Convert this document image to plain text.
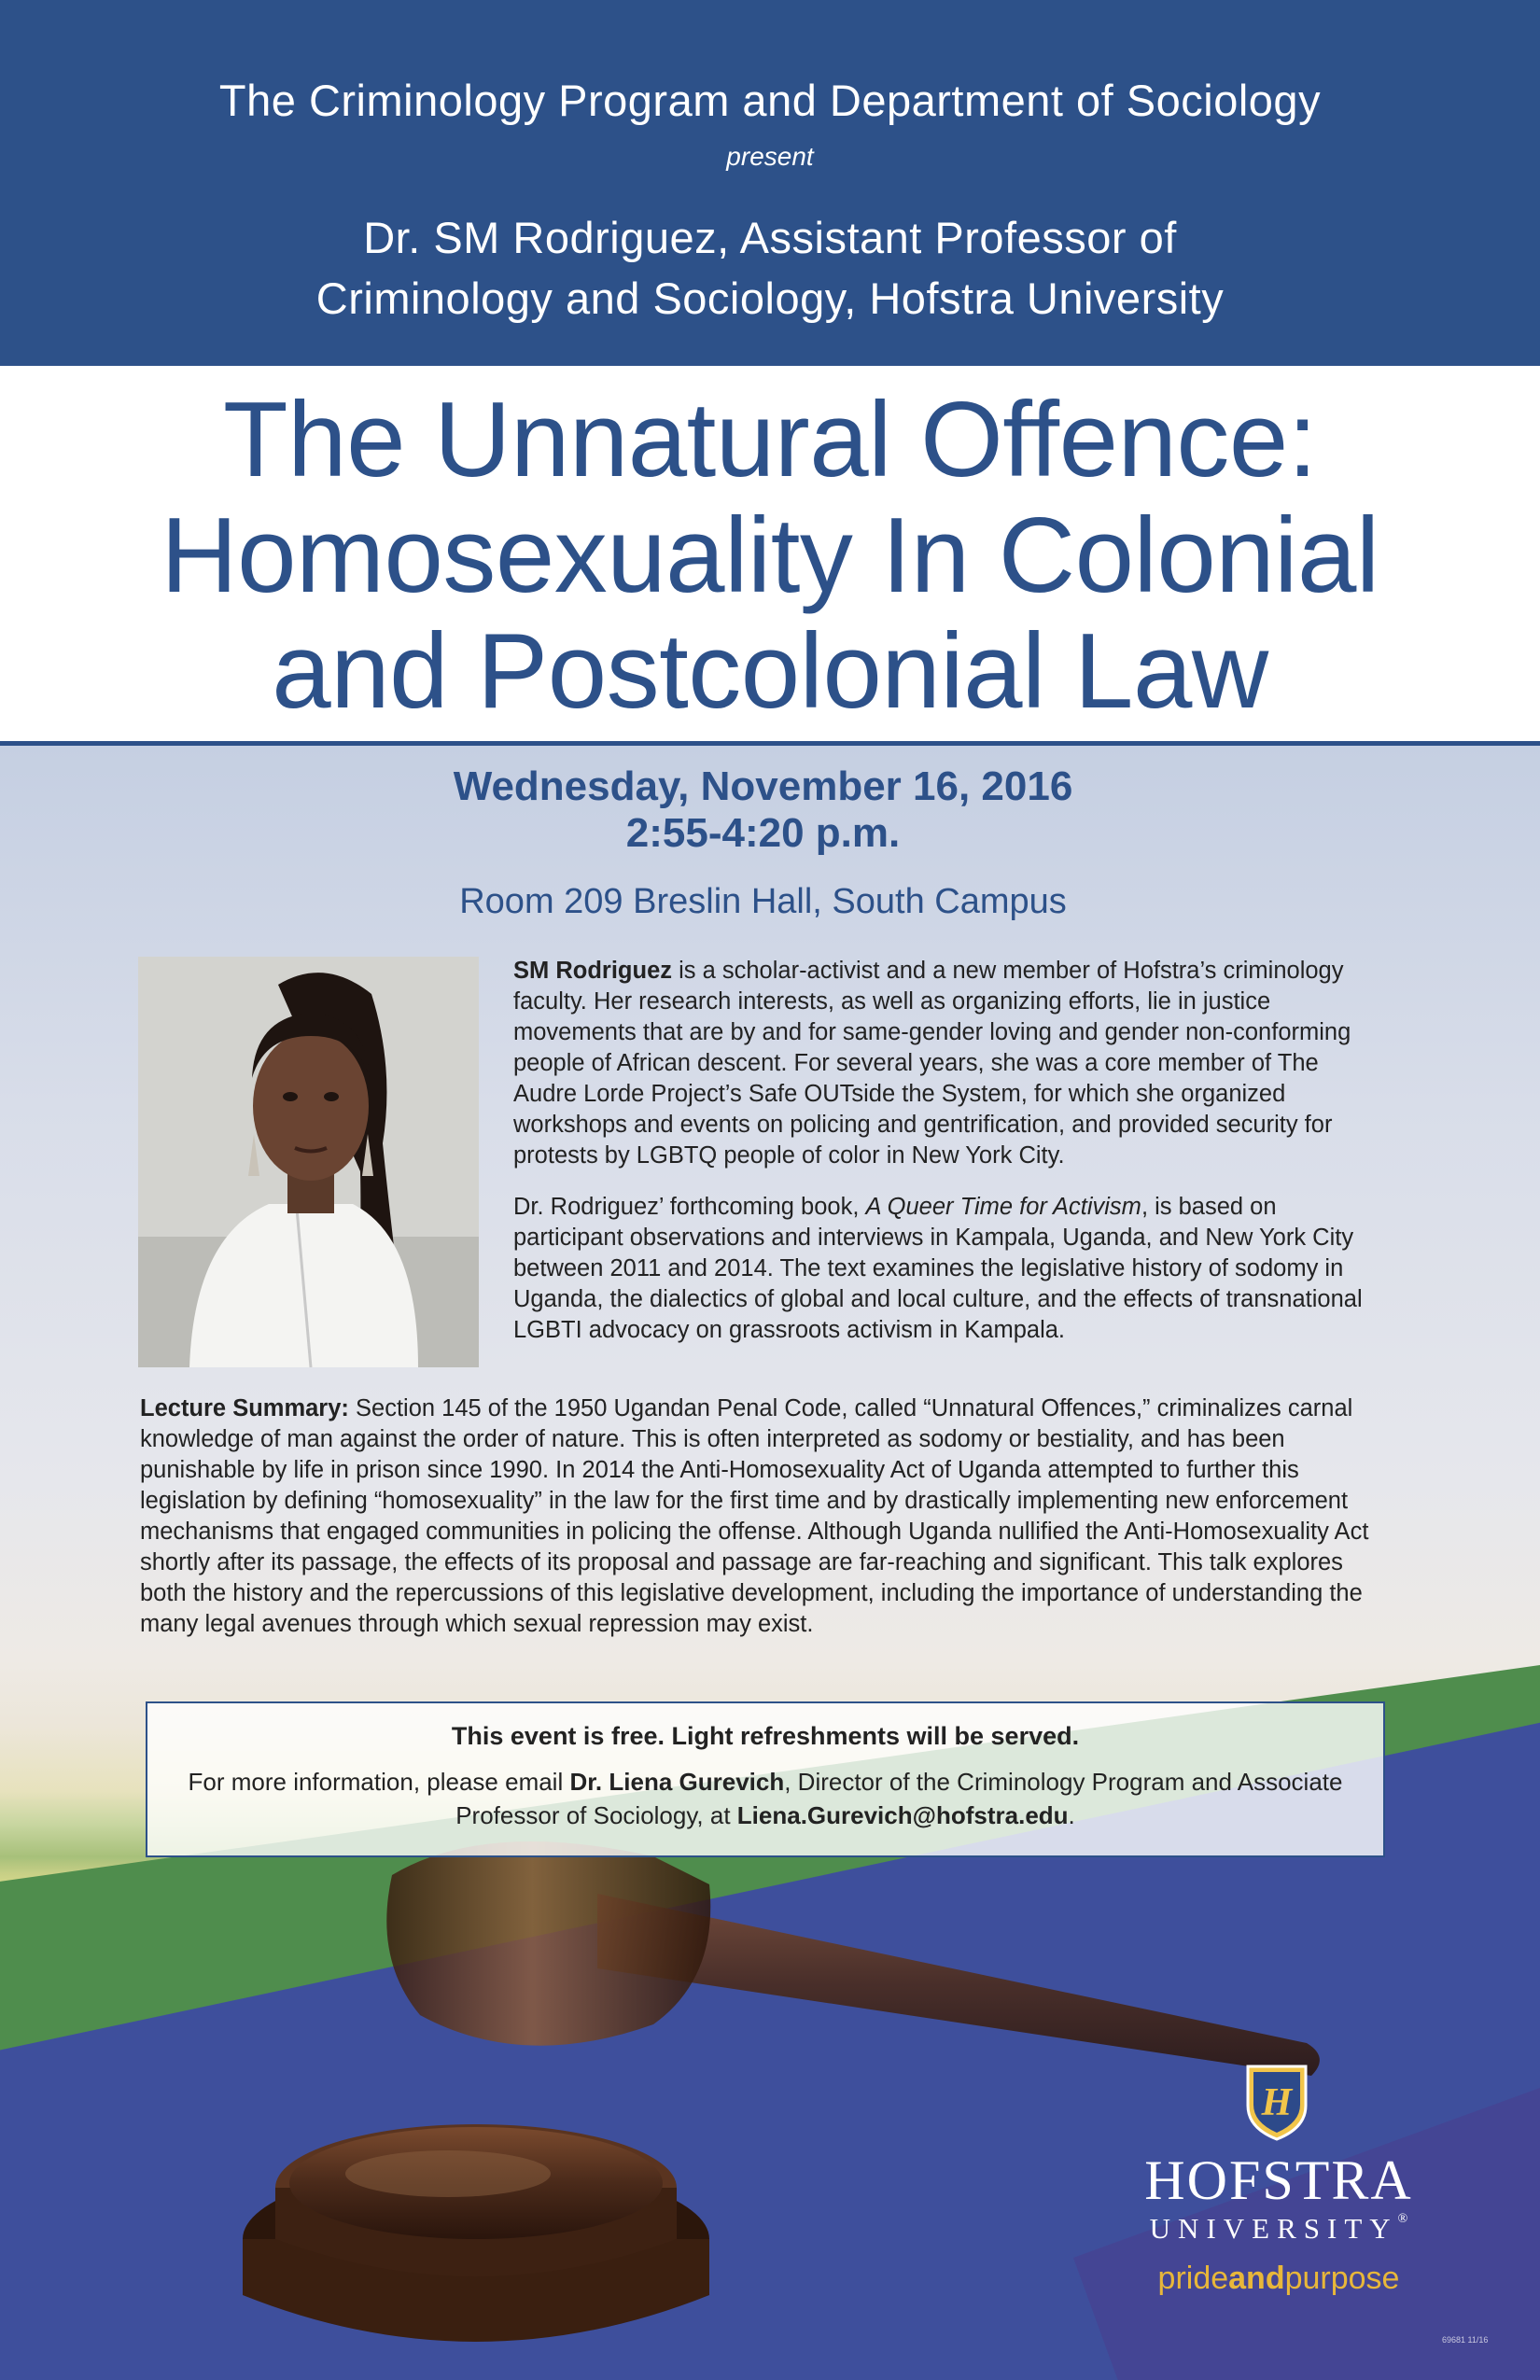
The Criminology Program and Department of Sociology
present
Dr. SM Rodriguez, Assistant Professor of
Criminology and Sociology, Hofstra University
The Unnatural Offence:
Homosexuality In Colonial
and Postcolonial Law
Wednesday, November 16, 2016
2:55-4:20 p.m.
Room 209 Breslin Hall, South Campus
SM Rodriguez is a scholar-activist and a new member of Hofstra’s criminology faculty. Her research interests, as well as organizing efforts, lie in justice movements that are by and for same-gender loving and gender non-conforming people of African descent. For several years, she was a core member of The Audre Lorde Project’s Safe OUTside the System, for which she organized workshops and events on policing and gentrification, and provided security for protests by LGBTQ people of color in New York City.
Dr. Rodriguez’ forthcoming book, A Queer Time for Activism, is based on participant observations and interviews in Kampala, Uganda, and New York City between 2011 and 2014. The text examines the legislative history of sodomy in Uganda, the dialectics of global and local culture, and the effects of transnational LGBTI advocacy on grassroots activism in Kampala.
Lecture Summary: Section 145 of the 1950 Ugandan Penal Code, called “Unnatural Offences,” criminalizes carnal knowledge of man against the order of nature. This is often interpreted as sodomy or bestiality, and has been punishable by life in prison since 1990. In 2014 the Anti-Homosexuality Act of Uganda attempted to further this legislation by defining “homosexuality” in the law for the first time and by drastically implementing new enforcement mechanisms that engaged communities in policing the offense. Although Uganda nullified the Anti-Homosexuality Act shortly after its passage, the effects of its proposal and passage are far-reaching and significant. This talk explores both the history and the repercussions of this legislative development, including the importance of understanding the many legal avenues through which sexual repression may exist.
This event is free. Light refreshments will be served.
For more information, please email Dr. Liena Gurevich, Director of the Criminology Program and Associate Professor of Sociology, at Liena.Gurevich@hofstra.edu.
H
HOFSTRA
UNIVERSITY®
prideandpurpose
69681 11/16
